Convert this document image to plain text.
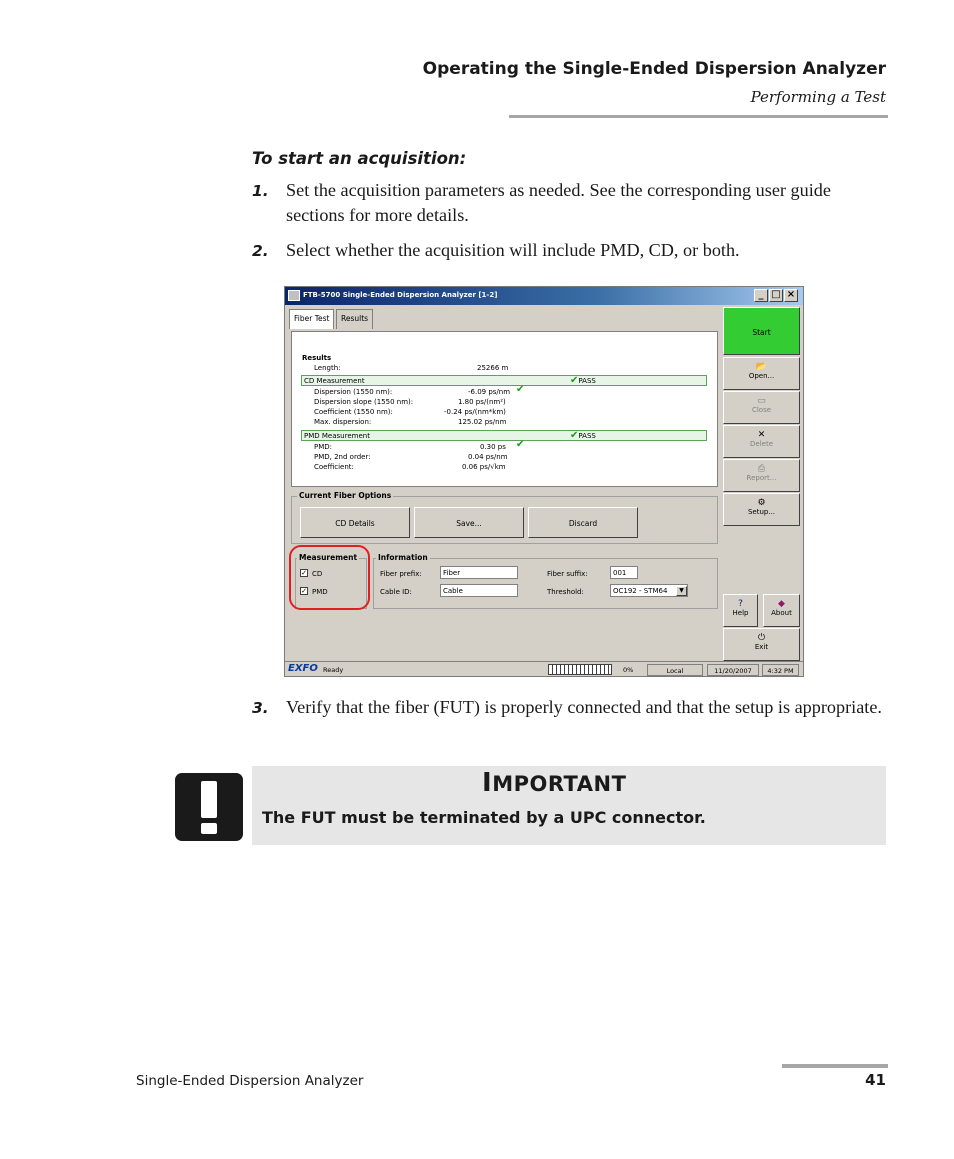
Operating the Single-Ended Dispersion Analyzer
Performing a Test
To start an acquisition:
1. Set the acquisition parameters as needed. See the corresponding user guide sections for more details.
2. Select whether the acquisition will include PMD, CD, or both.
FTB-5700 Single-Ended Dispersion Analyzer [1-2]	_ □ ×
Fiber Test	Results
Results
Length:	25266 m
CD Measurement	✔PASS
Dispersion (1550 nm):	-6.09 ps/nm ✔
Dispersion slope (1550 nm):	1.80 ps/(nm²)
Coefficient (1550 nm):	-0.24 ps/(nm*km)
Max. dispersion:	125.02 ps/nm
PMD Measurement	✔PASS
PMD:	0.30 ps ✔
PMD, 2nd order:	0.04 ps/nm
Coefficient:	0.06 ps/√km
Current Fiber Options
CD Details	Save...	Discard
Measurement
✓ CD
✓ PMD
Information
Fiber prefix:	Fiber	Fiber suffix:	001
Cable ID:	Cable	Threshold:	OC192 - STM64	▼
Start
📂
Open...
▭
Close
✕
Delete
⎙
Report...
⚙
Setup...
?
Help
◆
About
⏻
Exit
EXFO Ready	0%	Local	11/20/2007	4:32 PM
3. Verify that the fiber (FUT) is properly connected and that the setup is appropriate.
IMPORTANT
The FUT must be terminated by a UPC connector.
Single-Ended Dispersion Analyzer	41
